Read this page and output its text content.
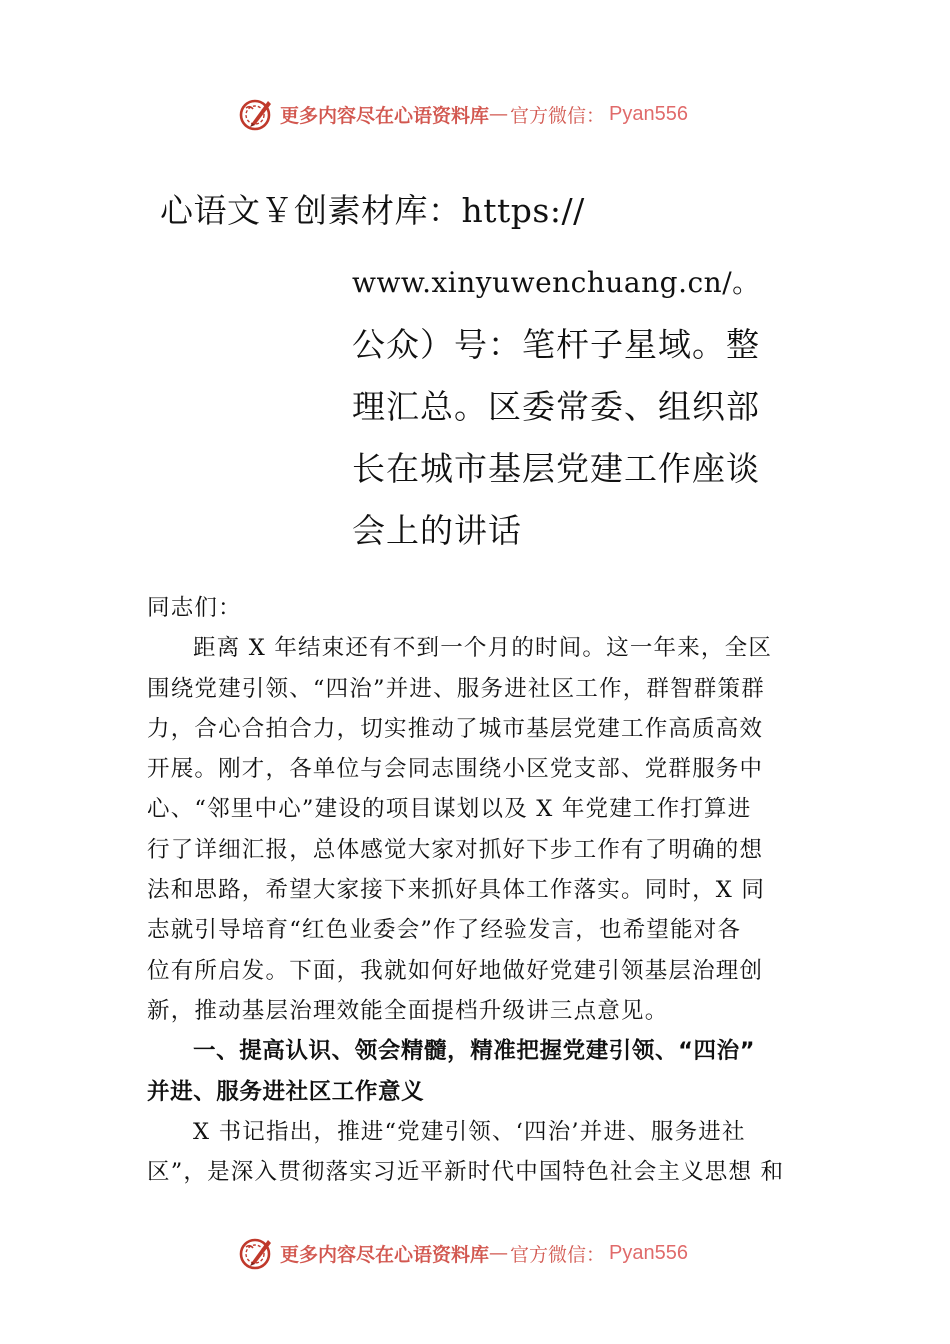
更多内容尽在心语资料库 — 官方微信： Pyan556
心语文￥创素材库：https://
www.xinyuwenchuang.cn/。
公众）号：笔杆子星域。整
理汇总。区委常委、组织部
长在城市基层党建工作座谈
会上的讲话
同志们：
距离 X 年结束还有不到一个月的时间。这一年来，全区
围绕党建引领、“四治”并进、服务进社区工作，群智群策群
力，合心合拍合力，切实推动了城市基层党建工作高质高效
开展。刚才，各单位与会同志围绕小区党支部、党群服务中
心、“邻里中心”建设的项目谋划以及 X 年党建工作打算进
行了详细汇报，总体感觉大家对抓好下步工作有了明确的想
法和思路，希望大家接下来抓好具体工作落实。同时，X 同
志就引导培育“红色业委会”作了经验发言，也希望能对各
位有所启发。下面，我就如何好地做好党建引领基层治理创
新，推动基层治理效能全面提档升级讲三点意见。
一、提高认识、领会精髓，精准把握党建引领、“四治”
并进、服务进社区工作意义
X 书记指出，推进“党建引领、‘四治’并进、服务进社
区”，是深入贯彻落实习近平新时代中国特色社会主义思想 和
更多内容尽在心语资料库 — 官方微信： Pyan556
